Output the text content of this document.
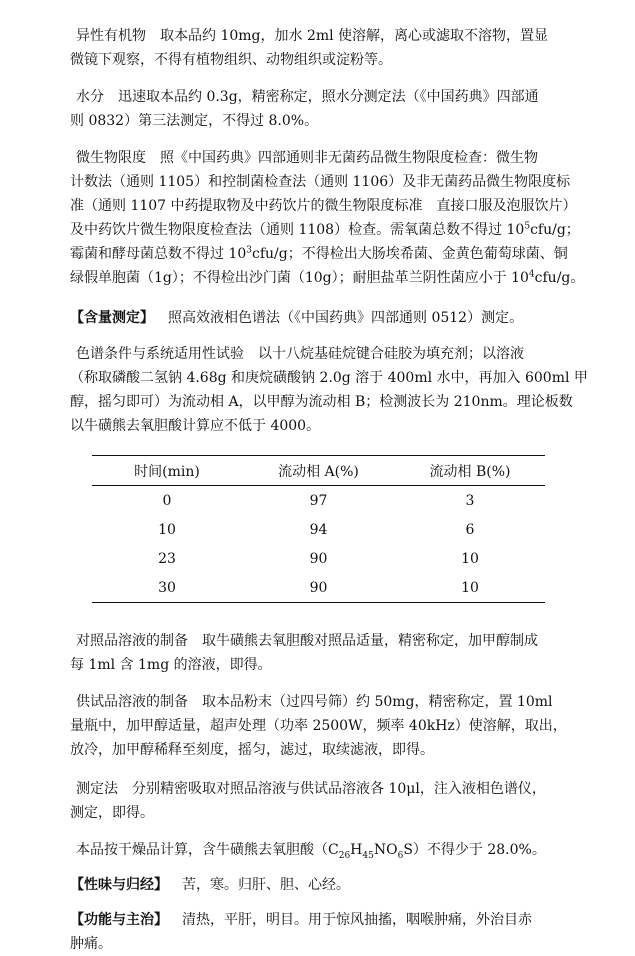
异性有机物 取本品约 10mg，加水 2ml 使溶解，离心或滤取不溶物，置显
微镜下观察，不得有植物组织、动物组织或淀粉等。

水分 迅速取本品约 0.3g，精密称定，照水分测定法（《中国药典》四部通
则 0832）第三法测定，不得过 8.0%。

微生物限度 照《中国药典》四部通则非无菌药品微生物限度检查：微生物
计数法（通则 1105）和控制菌检查法（通则 1106）及非无菌药品微生物限度标
准（通则 1107 中药提取物及中药饮片的微生物限度标准　直接口服及泡服饮片）
及中药饮片微生物限度检查法（通则 1108）检查。需氧菌总数不得过 $10^5cfu/g$；
霉菌和酵母菌总数不得过 $10^3cfu/g$；不得检出大肠埃希菌、金黄色葡萄球菌、铜
绿假单胞菌（1g）；不得检出沙门菌（10g）；耐胆盐革兰阴性菌应小于 $10^4cfu/g$。

【含量测定】 照高效液相色谱法（《中国药典》四部通则 0512）测定。

色谱条件与系统适用性试验 以十八烷基硅烷键合硅胶为填充剂；以溶液
（称取磷酸二氢钠 4.68g 和庚烷磺酸钠 2.0g 溶于 400ml 水中，再加入 600ml 甲
醇，摇匀即可）为流动相 A，以甲醇为流动相 B；检测波长为 210nm。理论板数
以牛磺熊去氧胆酸计算应不低于 4000。

时间(min)	流动相 A(%)	流动相 B(%)
0	97	3
10	94	6
23	90	10
30	90	10

对照品溶液的制备 取牛磺熊去氧胆酸对照品适量，精密称定，加甲醇制成
每 1ml 含 1mg 的溶液，即得。

供试品溶液的制备 取本品粉末（过四号筛）约 50mg，精密称定，置 10ml
量瓶中，加甲醇适量，超声处理（功率 2500W，频率 40kHz）使溶解，取出，
放冷，加甲醇稀释至刻度，摇匀，滤过，取续滤液，即得。

测定法 分别精密吸取对照品溶液与供试品溶液各 10μl，注入液相色谱仪，
测定，即得。

本品按干燥品计算，含牛磺熊去氧胆酸$(C_{26}H_{45}NO_6S)$不得少于 28.0%。

【性味与归经】 苦，寒。归肝、胆、心经。

【功能与主治】 清热，平肝，明目。用于惊风抽搐，咽喉肿痛，外治目赤
肿痛。
